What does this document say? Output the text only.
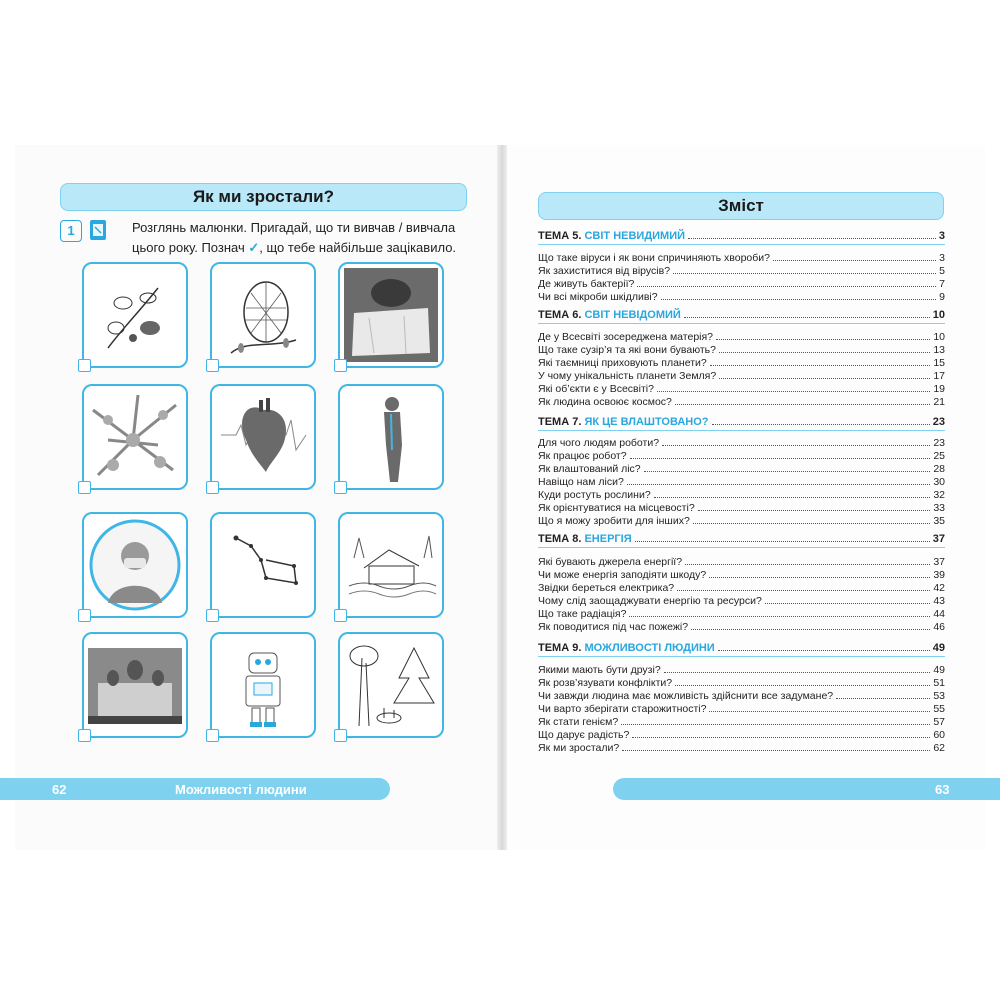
Як ми зростали?
1	Розглянь малюнки. Пригадай, що ти вивчав / вивчала цього року. Познач ✓, що тебе найбільше зацікавило.
62	Можливості людини
Зміст
ТЕМА 5. СВІТ НЕВИДИМИЙ	3
Що таке віруси і як вони спричиняють хвороби?	3
Як захиститися від вірусів?	5
Де живуть бактерії?	7
Чи всі мікроби шкідливі?	9
ТЕМА 6. СВІТ НЕВІДОМИЙ	10
Де у Всесвіті зосереджена матерія?	10
Що таке сузір’я та які вони бувають?	13
Які таємниці приховують планети?	15
У чому унікальність планети Земля?	17
Які об’єкти є у Всесвіті?	19
Як людина освоює космос?	21
ТЕМА 7. ЯК ЦЕ ВЛАШТОВАНО?	23
Для чого людям роботи?	23
Як працює робот?	25
Як влаштований ліс?	28
Навіщо нам ліси?	30
Куди ростуть рослини?	32
Як орієнтуватися на місцевості?	33
Що я можу зробити для інших?	35
ТЕМА 8. ЕНЕРГІЯ	37
Які бувають джерела енергії?	37
Чи може енергія заподіяти шкоду?	39
Звідки береться електрика?	42
Чому слід заощаджувати енергію та ресурси?	43
Що таке радіація?	44
Як поводитися під час пожежі?	46
ТЕМА 9. МОЖЛИВОСТІ ЛЮДИНИ	49
Якими мають бути друзі?	49
Як розв’язувати конфлікти?	51
Чи завжди людина має можливість здійснити все задумане?	53
Чи варто зберігати старожитності?	55
Як стати генієм?	57
Що дарує радість?	60
Як ми зростали?	62
63
